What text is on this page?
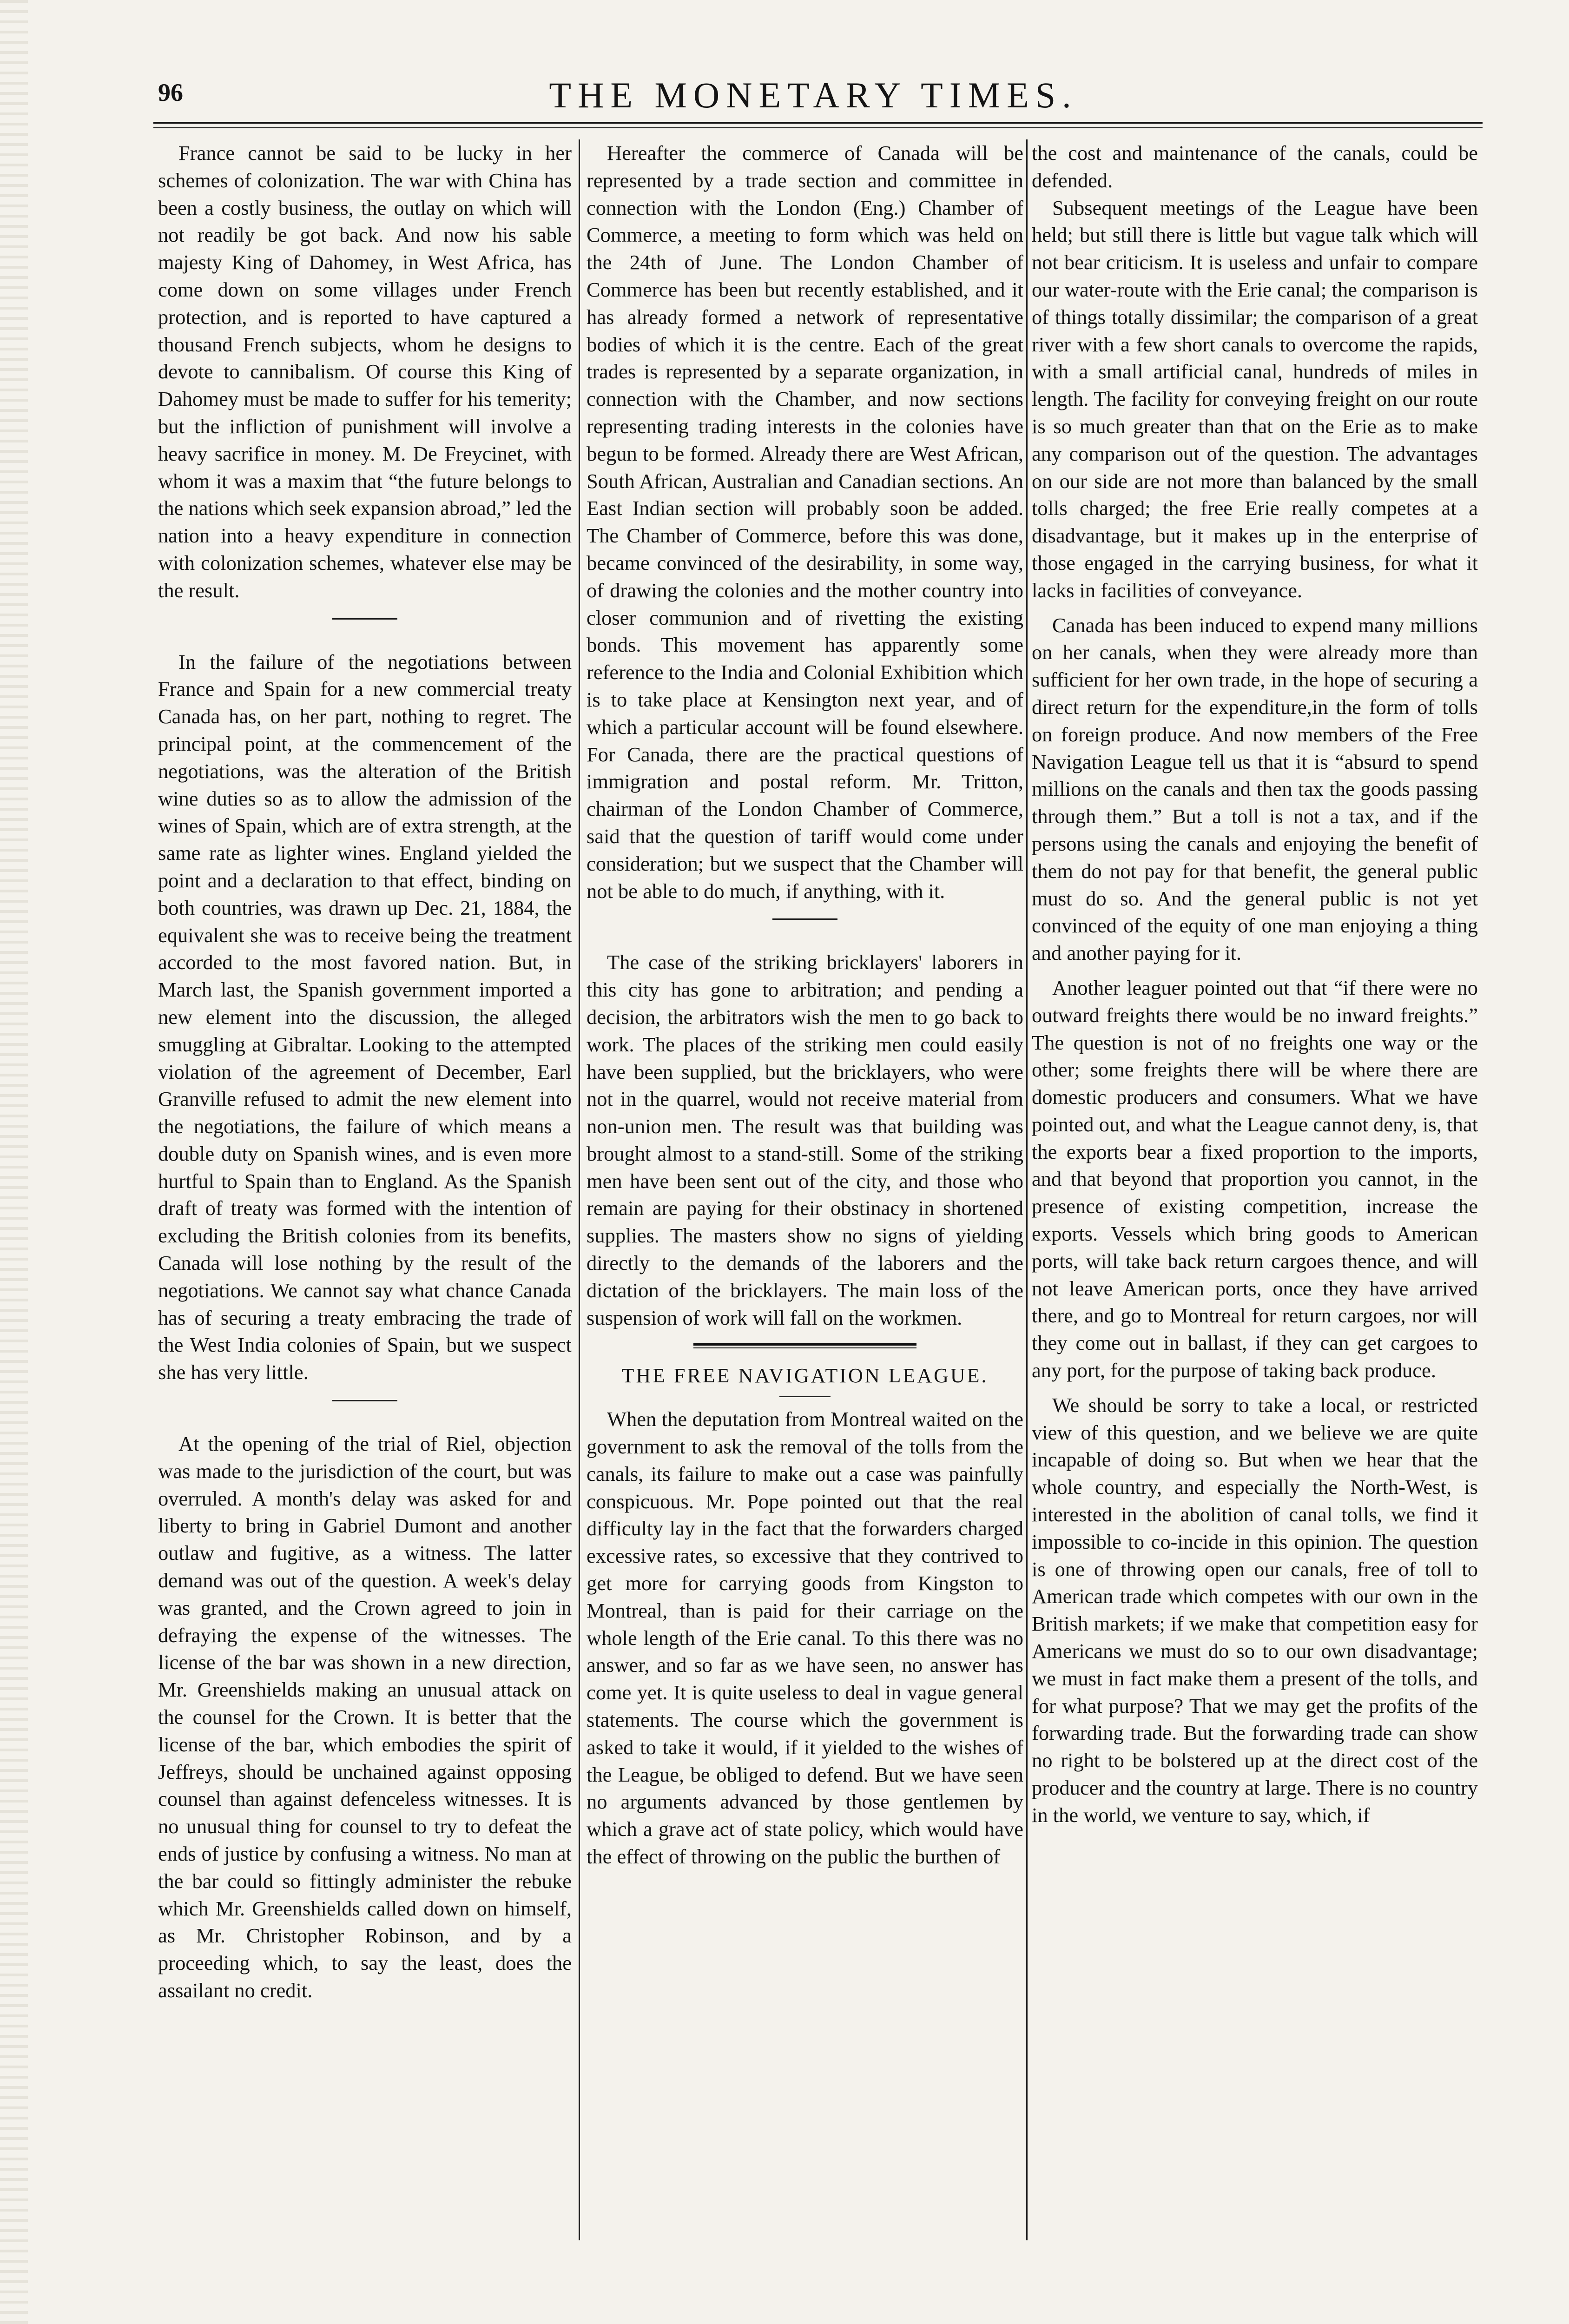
96	THE MONETARY TIMES.

France cannot be said to be lucky in her schemes of colonization. The war with China has been a costly business, the outlay on which will not readily be got back. And now his sable majesty King of Dahomey, in West Africa, has come down on some villages under French protection, and is reported to have captured a thousand French subjects, whom he designs to devote to cannibalism. Of course this King of Dahomey must be made to suffer for his temerity; but the infliction of punishment will involve a heavy sacrifice in money. M. De Freycinet, with whom it was a maxim that “the future belongs to the nations which seek expansion abroad,” led the nation into a heavy expenditure in connection with colonization schemes, whatever else may be the result.

In the failure of the negotiations between France and Spain for a new commercial treaty Canada has, on her part, nothing to regret. The principal point, at the commencement of the negotiations, was the alteration of the British wine duties so as to allow the admission of the wines of Spain, which are of extra strength, at the same rate as lighter wines. England yielded the point and a declaration to that effect, binding on both countries, was drawn up Dec. 21, 1884, the equivalent she was to receive being the treatment accorded to the most favored nation. But, in March last, the Spanish government imported a new element into the discussion, the alleged smuggling at Gibraltar. Looking to the attempted violation of the agreement of December, Earl Granville refused to admit the new element into the negotiations, the failure of which means a double duty on Spanish wines, and is even more hurtful to Spain than to England. As the Spanish draft of treaty was formed with the intention of excluding the British colonies from its benefits, Canada will lose nothing by the result of the negotiations. We cannot say what chance Canada has of securing a treaty embracing the trade of the West India colonies of Spain, but we suspect she has very little.

At the opening of the trial of Riel, objection was made to the jurisdiction of the court, but was overruled. A month's delay was asked for and liberty to bring in Gabriel Dumont and another outlaw and fugitive, as a witness. The latter demand was out of the question. A week's delay was granted, and the Crown agreed to join in defraying the expense of the witnesses. The license of the bar was shown in a new direction, Mr. Greenshields making an unusual attack on the counsel for the Crown. It is better that the license of the bar, which embodies the spirit of Jeffreys, should be unchained against opposing counsel than against defenceless witnesses. It is no unusual thing for counsel to try to defeat the ends of justice by confusing a witness. No man at the bar could so fittingly administer the rebuke which Mr. Greenshields called down on himself, as Mr. Christopher Robinson, and by a proceeding which, to say the least, does the assailant no credit.

Hereafter the commerce of Canada will be represented by a trade section and committee in connection with the London (Eng.) Chamber of Commerce, a meeting to form which was held on the 24th of June. The London Chamber of Commerce has been but recently established, and it has already formed a network of representative bodies of which it is the centre. Each of the great trades is represented by a separate organization, in connection with the Chamber, and now sections representing trading interests in the colonies have begun to be formed. Already there are West African, South African, Australian and Canadian sections. An East Indian section will probably soon be added. The Chamber of Commerce, before this was done, became convinced of the desirability, in some way, of drawing the colonies and the mother country into closer communion and of rivetting the existing bonds. This movement has apparently some reference to the India and Colonial Exhibition which is to take place at Kensington next year, and of which a particular account will be found elsewhere. For Canada, there are the practical questions of immigration and postal reform. Mr. Tritton, chairman of the London Chamber of Commerce, said that the question of tariff would come under consideration; but we suspect that the Chamber will not be able to do much, if anything, with it.

The case of the striking bricklayers' laborers in this city has gone to arbitration; and pending a decision, the arbitrators wish the men to go back to work. The places of the striking men could easily have been supplied, but the bricklayers, who were not in the quarrel, would not receive material from non-union men. The result was that building was brought almost to a stand-still. Some of the striking men have been sent out of the city, and those who remain are paying for their obstinacy in shortened supplies. The masters show no signs of yielding directly to the demands of the laborers and the dictation of the bricklayers. The main loss of the suspension of work will fall on the workmen.

THE FREE NAVIGATION LEAGUE.

When the deputation from Montreal waited on the government to ask the removal of the tolls from the canals, its failure to make out a case was painfully conspicuous. Mr. Pope pointed out that the real difficulty lay in the fact that the forwarders charged excessive rates, so excessive that they contrived to get more for carrying goods from Kingston to Montreal, than is paid for their carriage on the whole length of the Erie canal. To this there was no answer, and so far as we have seen, no answer has come yet. It is quite useless to deal in vague general statements. The course which the government is asked to take it would, if it yielded to the wishes of the League, be obliged to defend. But we have seen no arguments advanced by those gentlemen by which a grave act of state policy, which would have the effect of throwing on the public the burthen of

the cost and maintenance of the canals, could be defended.

Subsequent meetings of the League have been held; but still there is little but vague talk which will not bear criticism. It is useless and unfair to compare our water-route with the Erie canal; the comparison is of things totally dissimilar; the comparison of a great river with a few short canals to overcome the rapids, with a small artificial canal, hundreds of miles in length. The facility for conveying freight on our route is so much greater than that on the Erie as to make any comparison out of the question. The advantages on our side are not more than balanced by the small tolls charged; the free Erie really competes at a disadvantage, but it makes up in the enterprise of those engaged in the carrying business, for what it lacks in facilities of conveyance.

Canada has been induced to expend many millions on her canals, when they were already more than sufficient for her own trade, in the hope of securing a direct return for the expenditure,in the form of tolls on foreign produce. And now members of the Free Navigation League tell us that it is “absurd to spend millions on the canals and then tax the goods passing through them.” But a toll is not a tax, and if the persons using the canals and enjoying the benefit of them do not pay for that benefit, the general public must do so. And the general public is not yet convinced of the equity of one man enjoying a thing and another paying for it.

Another leaguer pointed out that “if there were no outward freights there would be no inward freights.” The question is not of no freights one way or the other; some freights there will be where there are domestic producers and consumers. What we have pointed out, and what the League cannot deny, is, that the exports bear a fixed proportion to the imports, and that beyond that proportion you cannot, in the presence of existing competition, increase the exports. Vessels which bring goods to American ports, will take back return cargoes thence, and will not leave American ports, once they have arrived there, and go to Montreal for return cargoes, nor will they come out in ballast, if they can get cargoes to any port, for the purpose of taking back produce.

We should be sorry to take a local, or restricted view of this question, and we believe we are quite incapable of doing so. But when we hear that the whole country, and especially the North-West, is interested in the abolition of canal tolls, we find it impossible to co-incide in this opinion. The question is one of throwing open our canals, free of toll to American trade which competes with our own in the British markets; if we make that competition easy for Americans we must do so to our own disadvantage; we must in fact make them a present of the tolls, and for what purpose? That we may get the profits of the forwarding trade. But the forwarding trade can show no right to be bolstered up at the direct cost of the producer and the country at large. There is no country in the world, we venture to say, which, if
